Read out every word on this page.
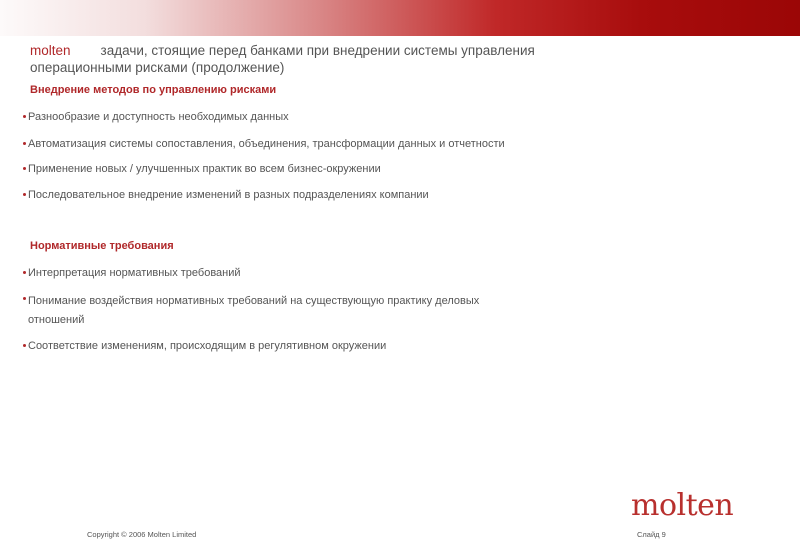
molten задачи, стоящие перед банками при внедрении системы управления операционными рисками (продолжение)
Внедрение методов по управлению рисками
Разнообразие и доступность необходимых данных
Автоматизация системы сопоставления, объединения, трансформации данных и отчетности
Применение новых / улучшенных практик во всем бизнес-окружении
Последовательное внедрение изменений в разных подразделениях компании
Нормативные требования
Интерпретация нормативных требований
Понимание воздействия нормативных требований на существующую практику деловых отношений
Соответствие изменениям, происходящим в регулятивном окружении
molten
Copyright © 2006 Molten Limited	Слайд 9
